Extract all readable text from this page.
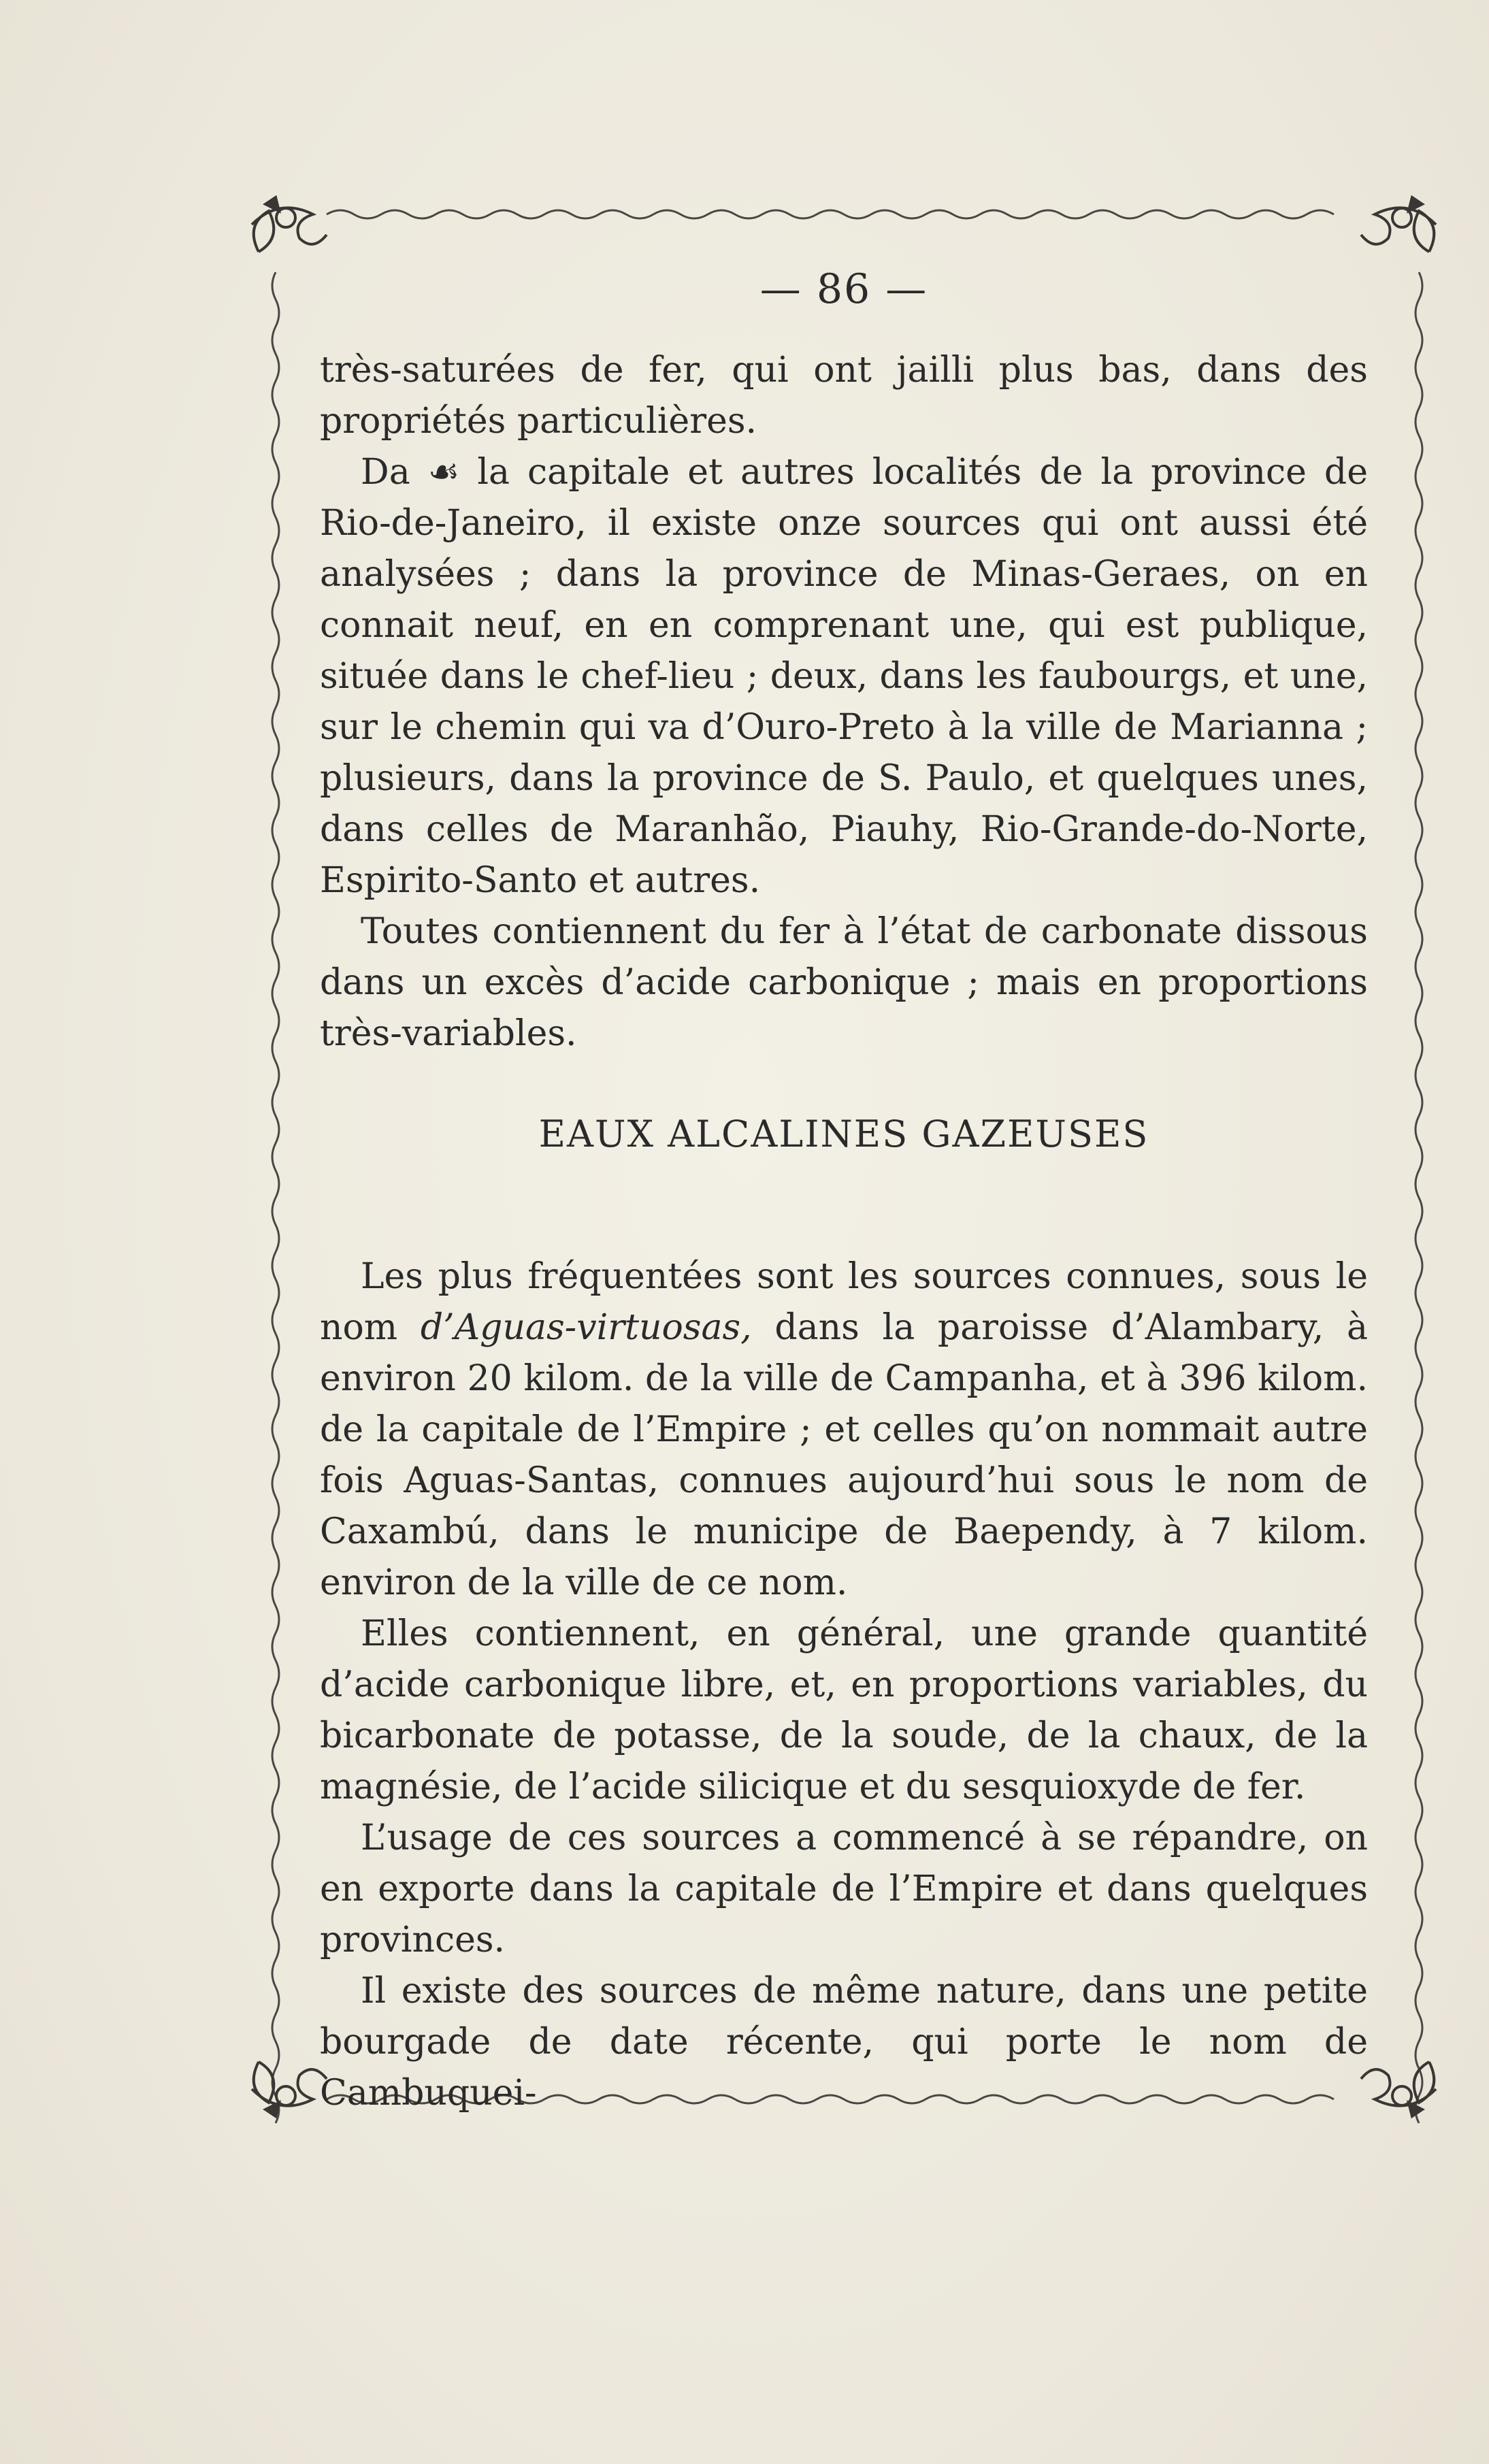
— 86 —

très-saturées de fer, qui ont jailli plus bas, dans des propriétés particulières.

Da ☙ la capitale et autres localités de la province de Rio-de-Janeiro, il existe onze sources qui ont aussi été analysées ; dans la province de Minas-Geraes, on en connait neuf, en en comprenant une, qui est publique, située dans le chef-lieu ; deux, dans les faubourgs, et une, sur le chemin qui va d’Ouro-Preto à la ville de Marianna ; plusieurs, dans la province de S. Paulo, et quelques unes, dans celles de Maranhão, Piauhy, Rio-Grande-do-Norte, Espirito-Santo et autres.

Toutes contiennent du fer à l’état de carbonate dissous dans un excès d’acide carbonique ; mais en proportions très-variables.

EAUX ALCALINES GAZEUSES

Les plus fréquentées sont les sources connues, sous le nom d’Aguas-virtuosas, dans la paroisse d’Alambary, à environ 20 kilom. de la ville de Campanha, et à 396 kilom. de la capitale de l’Empire ; et celles qu’on nommait autre fois Aguas-Santas, connues aujourd’hui sous le nom de Caxambú, dans le municipe de Baependy, à 7 kilom. environ de la ville de ce nom.

Elles contiennent, en général, une grande quantité d’acide carbonique libre, et, en proportions variables, du bicarbonate de potasse, de la soude, de la chaux, de la magnésie, de l’acide silicique et du sesquioxyde de fer.

L’usage de ces sources a commencé à se répandre, on en exporte dans la capitale de l’Empire et dans quelques provinces.

Il existe des sources de même nature, dans une petite bourgade de date récente, qui porte le nom de Cambuquei-
